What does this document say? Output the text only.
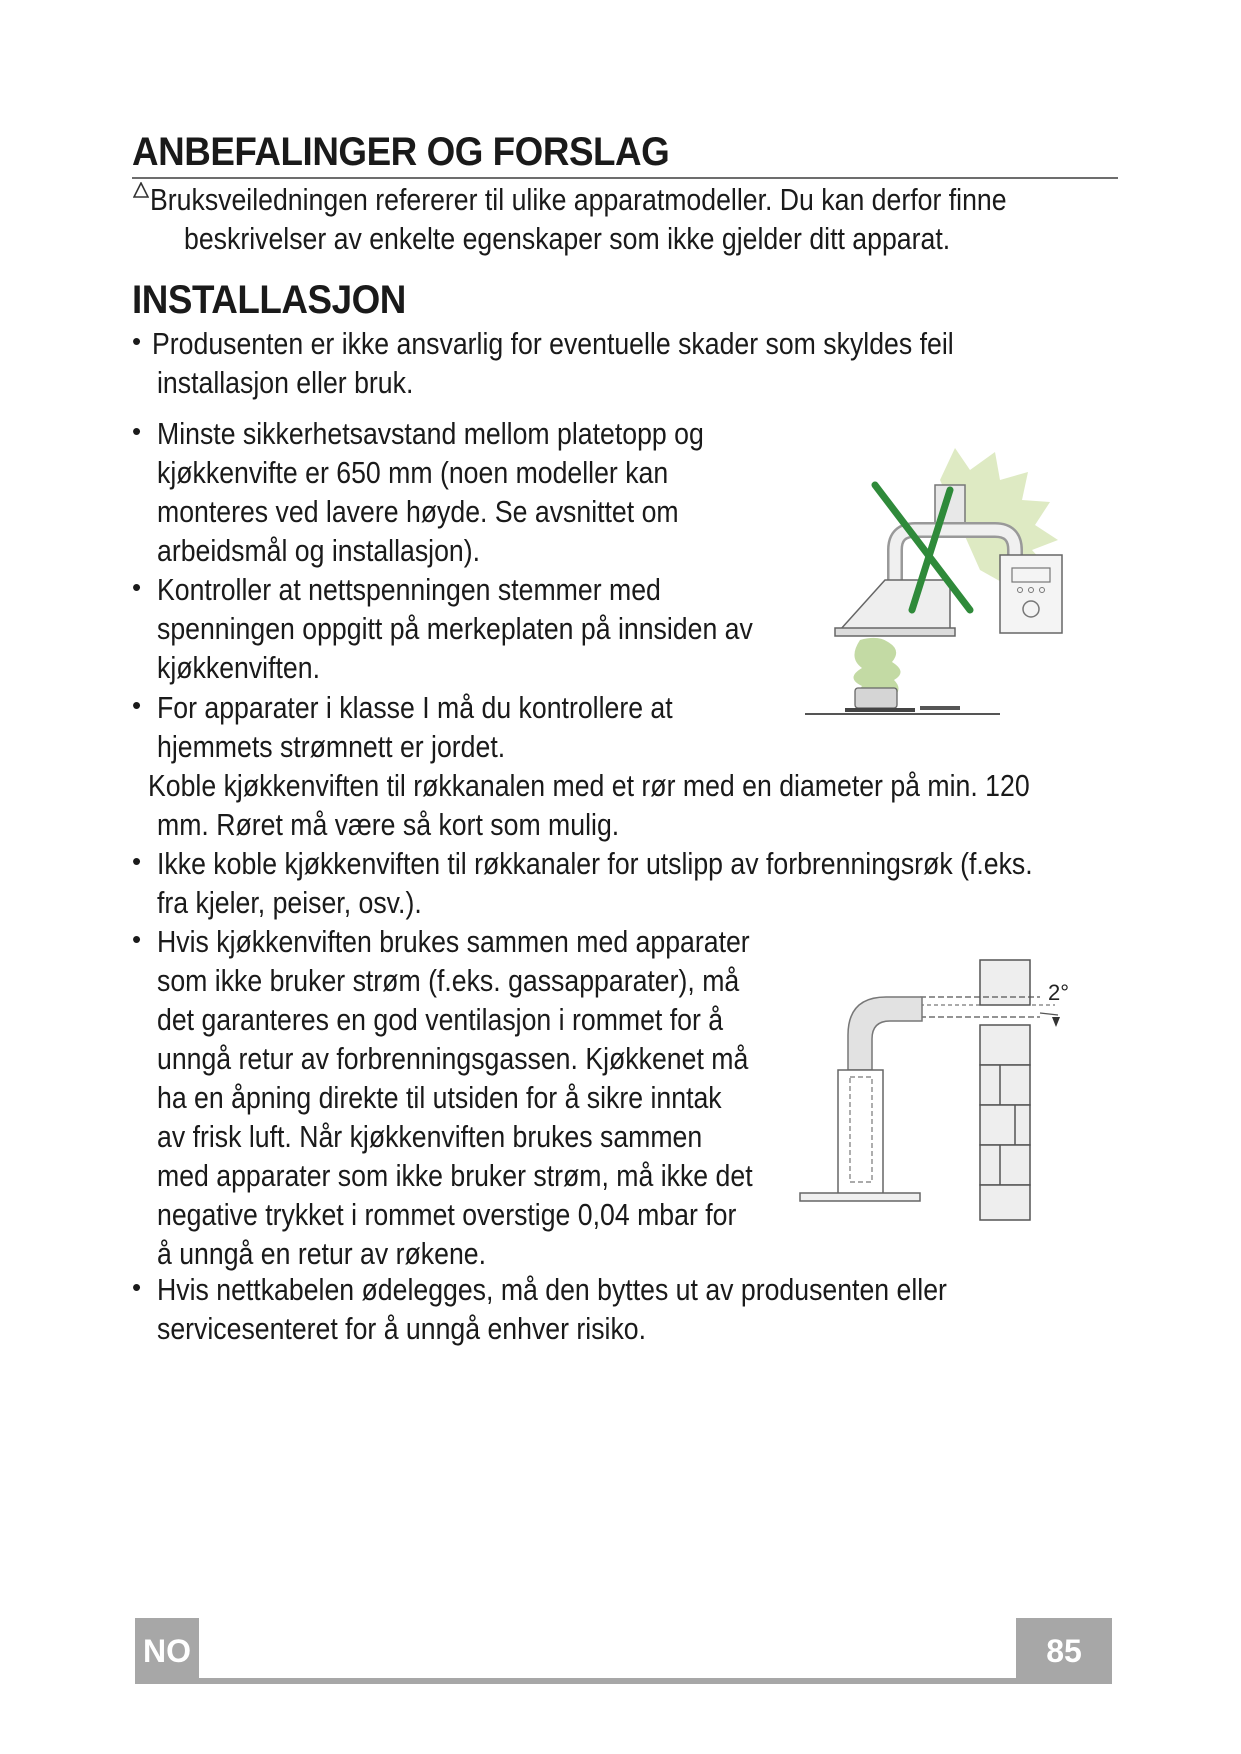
ANBEFALINGER OG FORSLAG

Bruksveiledningen refererer til ulike apparatmodeller. Du kan derfor finne

beskrivelser av enkelte egenskaper som ikke gjelder ditt apparat.

INSTALLASJON
•
•
•
•
•
•
•

Produsenten er ikke ansvarlig for eventuelle skader som skyldes feil

installasjon eller bruk.

Minste sikkerhetsavstand mellom platetopp og

kjøkkenvifte er 650 mm (noen modeller kan

monteres ved lavere høyde. Se avsnittet om

arbeidsmål og installasjon).

Kontroller at nettspenningen stemmer med

spenningen oppgitt på merkeplaten på innsiden av

kjøkkenviften.

For apparater i klasse I må du kontrollere at

hjemmets strømnett er jordet.

Koble kjøkkenviften til røkkanalen med et rør med en diameter på min. 120

mm. Røret må være så kort som mulig.

Ikke koble kjøkkenviften til røkkanaler for utslipp av forbrenningsrøk (f.eks.

fra kjeler, peiser, osv.).

Hvis kjøkkenviften brukes sammen med apparater

som ikke bruker strøm (f.eks. gassapparater), må

det garanteres en god ventilasjon i rommet for å

unngå retur av forbrenningsgassen. Kjøkkenet må

ha en åpning direkte til utsiden for å sikre inntak

av frisk luft. Når kjøkkenviften brukes sammen

med apparater som ikke bruker strøm, må ikke det

negative trykket i rommet overstige 0,04 mbar for

å unngå en retur av røkene.

Hvis nettkabelen ødelegges, må den byttes ut av produsenten eller

servicesenteret for å unngå enhver risiko.

2°
NO	85
